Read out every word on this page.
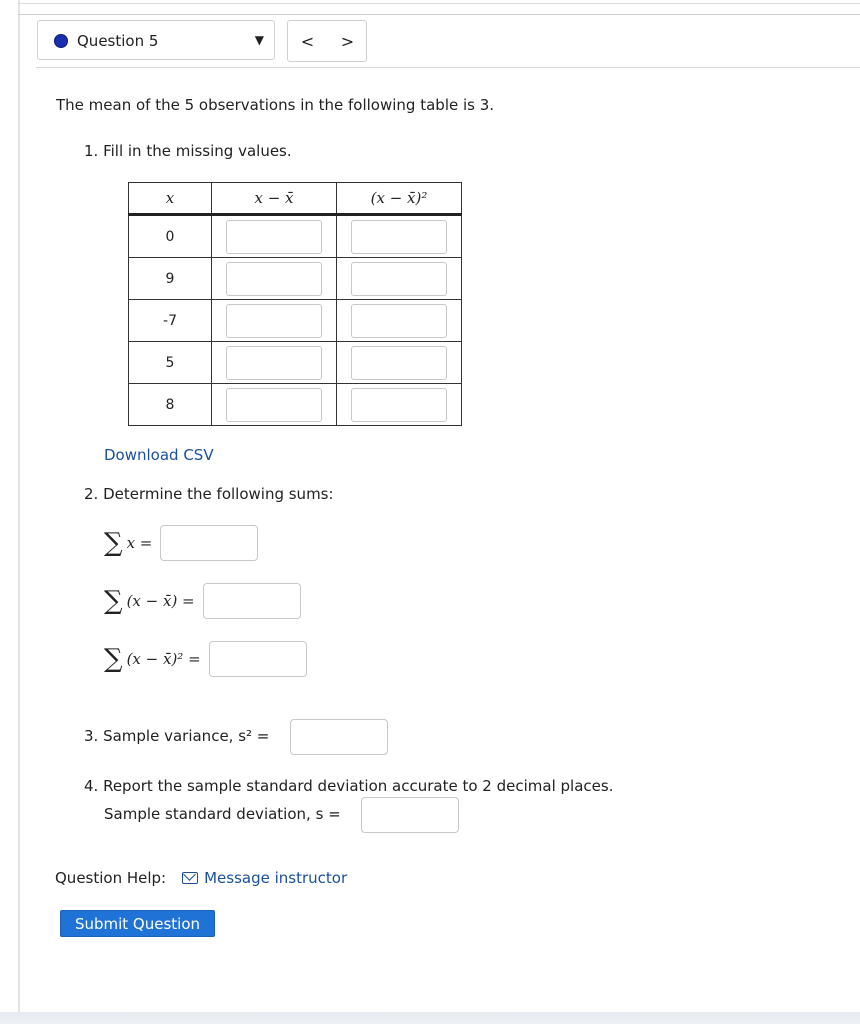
Question 5	▼	<	>
The mean of the 5 observations in the following table is 3.
1. Fill in the missing values.
x	x − x̄	(x − x̄)²
0	

9	

-7	

5	

8	

Download CSV
2. Determine the following sums:
∑ x =
∑ (x − x̄) =
∑ (x − x̄)² =
3. Sample variance, s² =
4. Report the sample standard deviation accurate to 2 decimal places.
Sample standard deviation, s =
Question Help:	Message instructor
Submit Question
